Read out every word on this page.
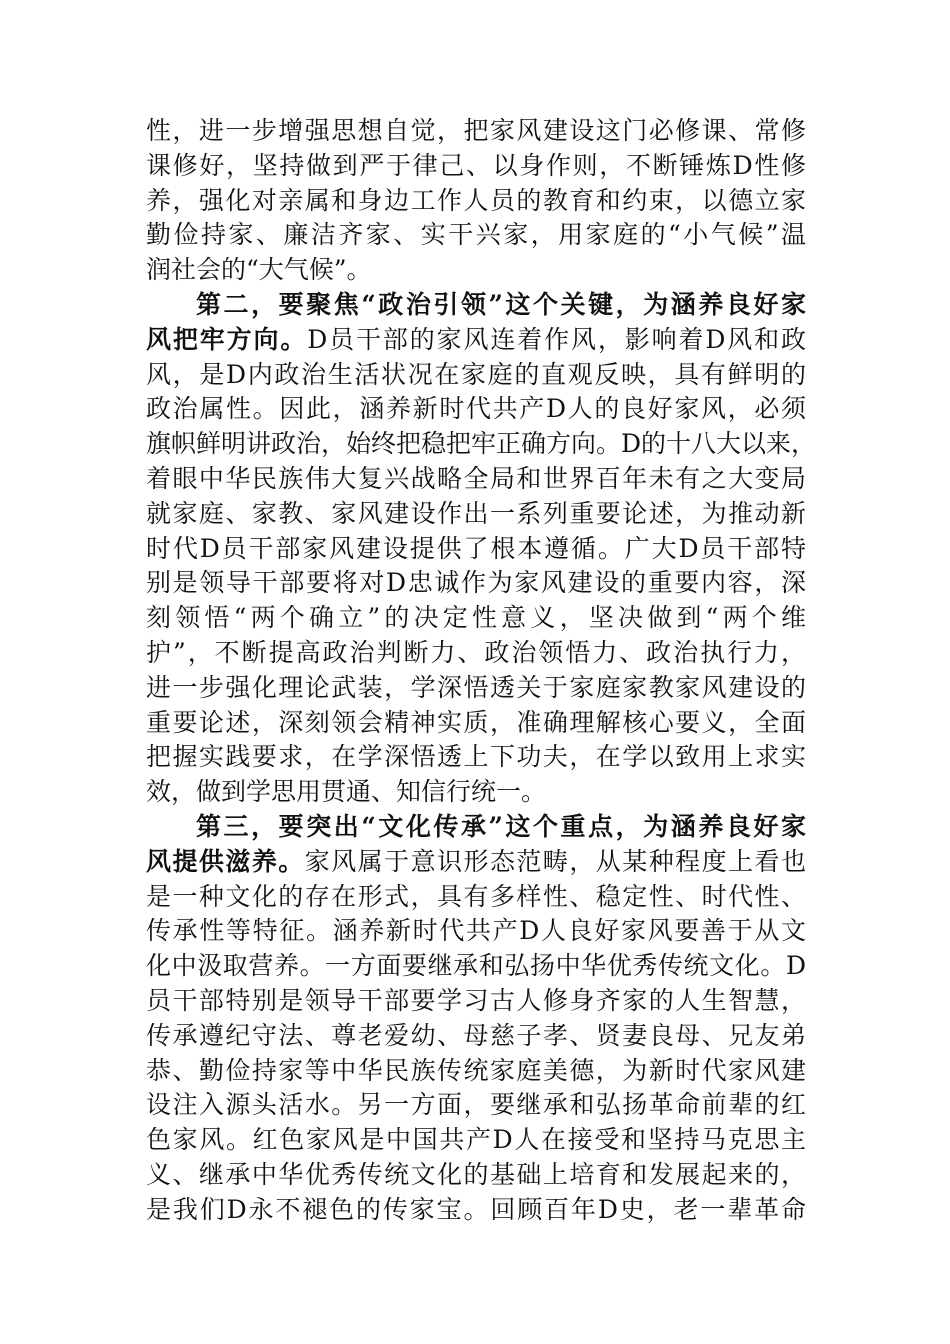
性，进一步增强思想自觉，把家风建设这门必修课、常修
课修好，坚持做到严于律己、以身作则，不断锤炼D性修
养，强化对亲属和身边工作人员的教育和约束，以德立家
勤俭持家、廉洁齐家、实干兴家，用家庭的“小气候”温
润社会的“大气候”。
第二，要聚焦“政治引领”这个关键，为涵养良好家
风把牢方向。D员干部的家风连着作风，影响着D风和政
风，是D内政治生活状况在家庭的直观反映，具有鲜明的
政治属性。因此，涵养新时代共产D人的良好家风，必须
旗帜鲜明讲政治，始终把稳把牢正确方向。D的十八大以来，
着眼中华民族伟大复兴战略全局和世界百年未有之大变局
就家庭、家教、家风建设作出一系列重要论述，为推动新
时代D员干部家风建设提供了根本遵循。广大D员干部特
别是领导干部要将对D忠诚作为家风建设的重要内容，深
刻领悟“两个确立”的决定性意义，坚决做到“两个维
护”，不断提高政治判断力、政治领悟力、政治执行力，
进一步强化理论武装，学深悟透关于家庭家教家风建设的
重要论述，深刻领会精神实质，准确理解核心要义，全面
把握实践要求，在学深悟透上下功夫，在学以致用上求实
效，做到学思用贯通、知信行统一。
第三，要突出“文化传承”这个重点，为涵养良好家
风提供滋养。家风属于意识形态范畴，从某种程度上看也
是一种文化的存在形式，具有多样性、稳定性、时代性、
传承性等特征。涵养新时代共产D人良好家风要善于从文
化中汲取营养。一方面要继承和弘扬中华优秀传统文化。D
员干部特别是领导干部要学习古人修身齐家的人生智慧，
传承遵纪守法、尊老爱幼、母慈子孝、贤妻良母、兄友弟
恭、勤俭持家等中华民族传统家庭美德，为新时代家风建
设注入源头活水。另一方面，要继承和弘扬革命前辈的红
色家风。红色家风是中国共产D人在接受和坚持马克思主
义、继承中华优秀传统文化的基础上培育和发展起来的，
是我们D永不褪色的传家宝。回顾百年D史，老一辈革命
